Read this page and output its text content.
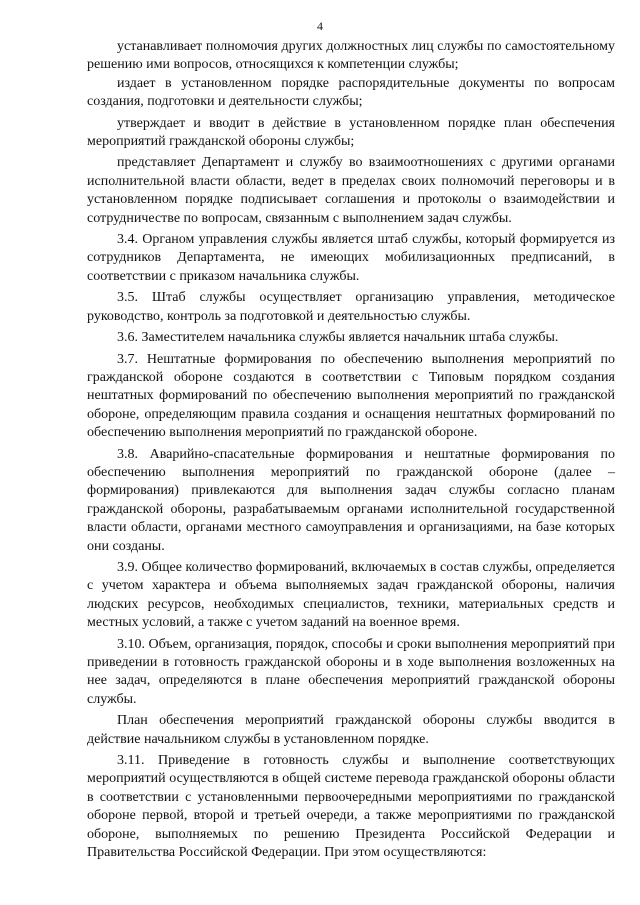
4

устанавливает полномочия других должностных лиц службы по самостоятельному решению ими вопросов, относящихся к компетенции службы;

издает в установленном порядке распорядительные документы по вопросам создания, подготовки и деятельности службы;

утверждает и вводит в действие в установленном порядке план обеспечения мероприятий гражданской обороны службы;

представляет Департамент и службу во взаимоотношениях с другими органами исполнительной власти области, ведет в пределах своих полномочий переговоры и в установленном порядке подписывает соглашения и протоколы о взаимодействии и сотрудничестве по вопросам, связанным с выполнением задач службы.

3.4. Органом управления службы является штаб службы, который формируется из сотрудников Департамента, не имеющих мобилизационных предписаний, в соответствии с приказом начальника службы.

3.5. Штаб службы осуществляет организацию управления, методическое руководство, контроль за подготовкой и деятельностью службы.

3.6. Заместителем начальника службы является начальник штаба службы.

3.7. Нештатные формирования по обеспечению выполнения мероприятий по гражданской обороне создаются в соответствии с Типовым порядком создания нештатных формирований по обеспечению выполнения мероприятий по гражданской обороне, определяющим правила создания и оснащения нештатных формирований по обеспечению выполнения мероприятий по гражданской обороне.

3.8. Аварийно-спасательные формирования и нештатные формирования по обеспечению выполнения мероприятий по гражданской обороне (далее – формирования) привлекаются для выполнения задач службы согласно планам гражданской обороны, разрабатываемым органами исполнительной государственной власти области, органами местного самоуправления и организациями, на базе которых они созданы.

3.9. Общее количество формирований, включаемых в состав службы, определяется с учетом характера и объема выполняемых задач гражданской обороны, наличия людских ресурсов, необходимых специалистов, техники, материальных средств и местных условий, а также с учетом заданий на военное время.

3.10. Объем, организация, порядок, способы и сроки выполнения мероприятий при приведении в готовность гражданской обороны и в ходе выполнения возложенных на нее задач, определяются в плане обеспечения мероприятий гражданской обороны службы.

План обеспечения мероприятий гражданской обороны службы вводится в действие начальником службы в установленном порядке.

3.11. Приведение в готовность службы и выполнение соответствующих мероприятий осуществляются в общей системе перевода гражданской обороны области в соответствии с установленными первоочередными мероприятиями по гражданской обороне первой, второй и третьей очереди, а также мероприятиями по гражданской обороне, выполняемых по решению Президента Российской Федерации и Правительства Российской Федерации. При этом осуществляются:
